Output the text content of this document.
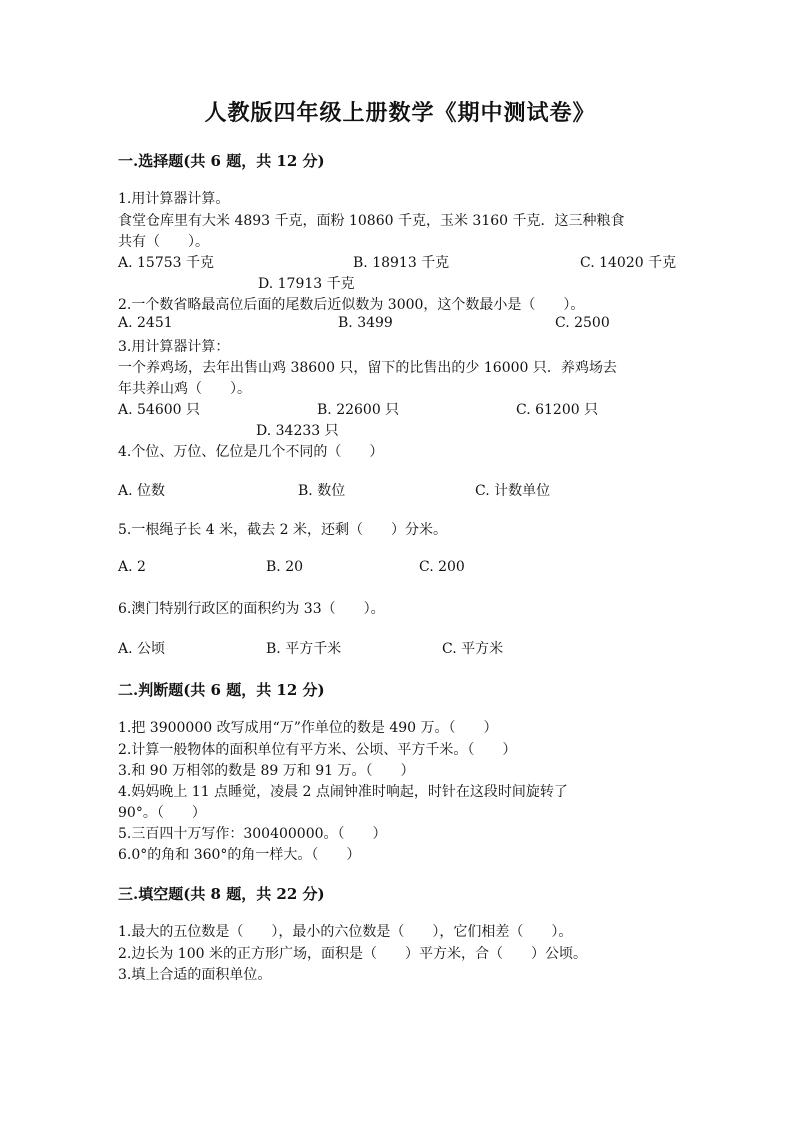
人教版四年级上册数学《期中测试卷》
一.选择题(共 6 题，共 12 分)
1.用计算器计算。
食堂仓库里有大米 4893 千克，面粉 10860 千克，玉米 3160 千克．这三种粮食
共有（　　）。
A. 15753 千克	B. 18913 千克	C. 14020 千克
D. 17913 千克
2.一个数省略最高位后面的尾数后近似数为 3000，这个数最小是（　　）。
A. 2451	B. 3499	C. 2500
3.用计算器计算：
一个养鸡场，去年出售山鸡 38600 只，留下的比售出的少 16000 只．养鸡场去
年共养山鸡（　　）。
A. 54600 只	B. 22600 只	C. 61200 只
D. 34233 只
4.个位、万位、亿位是几个不同的（　　）
A. 位数	B. 数位	C. 计数单位
5.一根绳子长 4 米，截去 2 米，还剩（　　）分米。
A. 2	B. 20	C. 200
6.澳门特别行政区的面积约为 33（　　）。
A. 公顷	B. 平方千米	C. 平方米
二.判断题(共 6 题，共 12 分)
1.把 3900000 改写成用“万”作单位的数是 490 万。（　　）
2.计算一般物体的面积单位有平方米、公顷、平方千米。（　　）
3.和 90 万相邻的数是 89 万和 91 万。（　　）
4.妈妈晚上 11 点睡觉，凌晨 2 点闹钟准时响起，时针在这段时间旋转了
90°。（　　）
5.三百四十万写作：300400000。（　　）
6.0°的角和 360°的角一样大。（　　）
三.填空题(共 8 题，共 22 分)
1.最大的五位数是（　　），最小的六位数是（　　），它们相差（　　）。
2.边长为 100 米的正方形广场，面积是（　　）平方米，合（　　）公顷。
3.填上合适的面积单位。
